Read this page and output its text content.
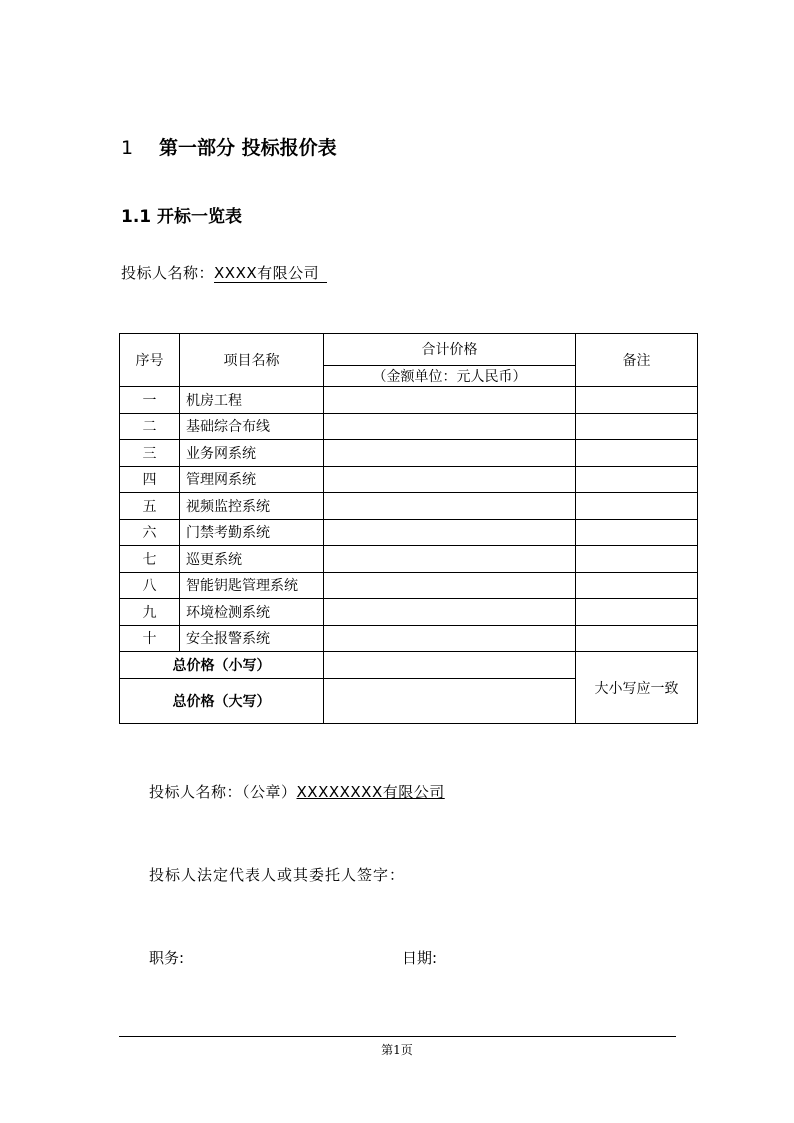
1 第一部分 投标报价表
1.1 开标一览表
投标人名称：XXXX有限公司
序号	项目名称	合计价格	备注
		（金额单位：元人民币）	
一	机房工程		
二	基础综合布线		
三	业务网系统		
四	管理网系统		
五	视频监控系统		
六	门禁考勤系统		
七	巡更系统		
八	智能钥匙管理系统		
九	环境检测系统		
十	安全报警系统		
总价格（小写）			大小写应一致
总价格（大写）			
投标人名称：（公章）XXXXXXXX有限公司
投标人法定代表人或其委托人签字：
职务:	日期:
第1页
